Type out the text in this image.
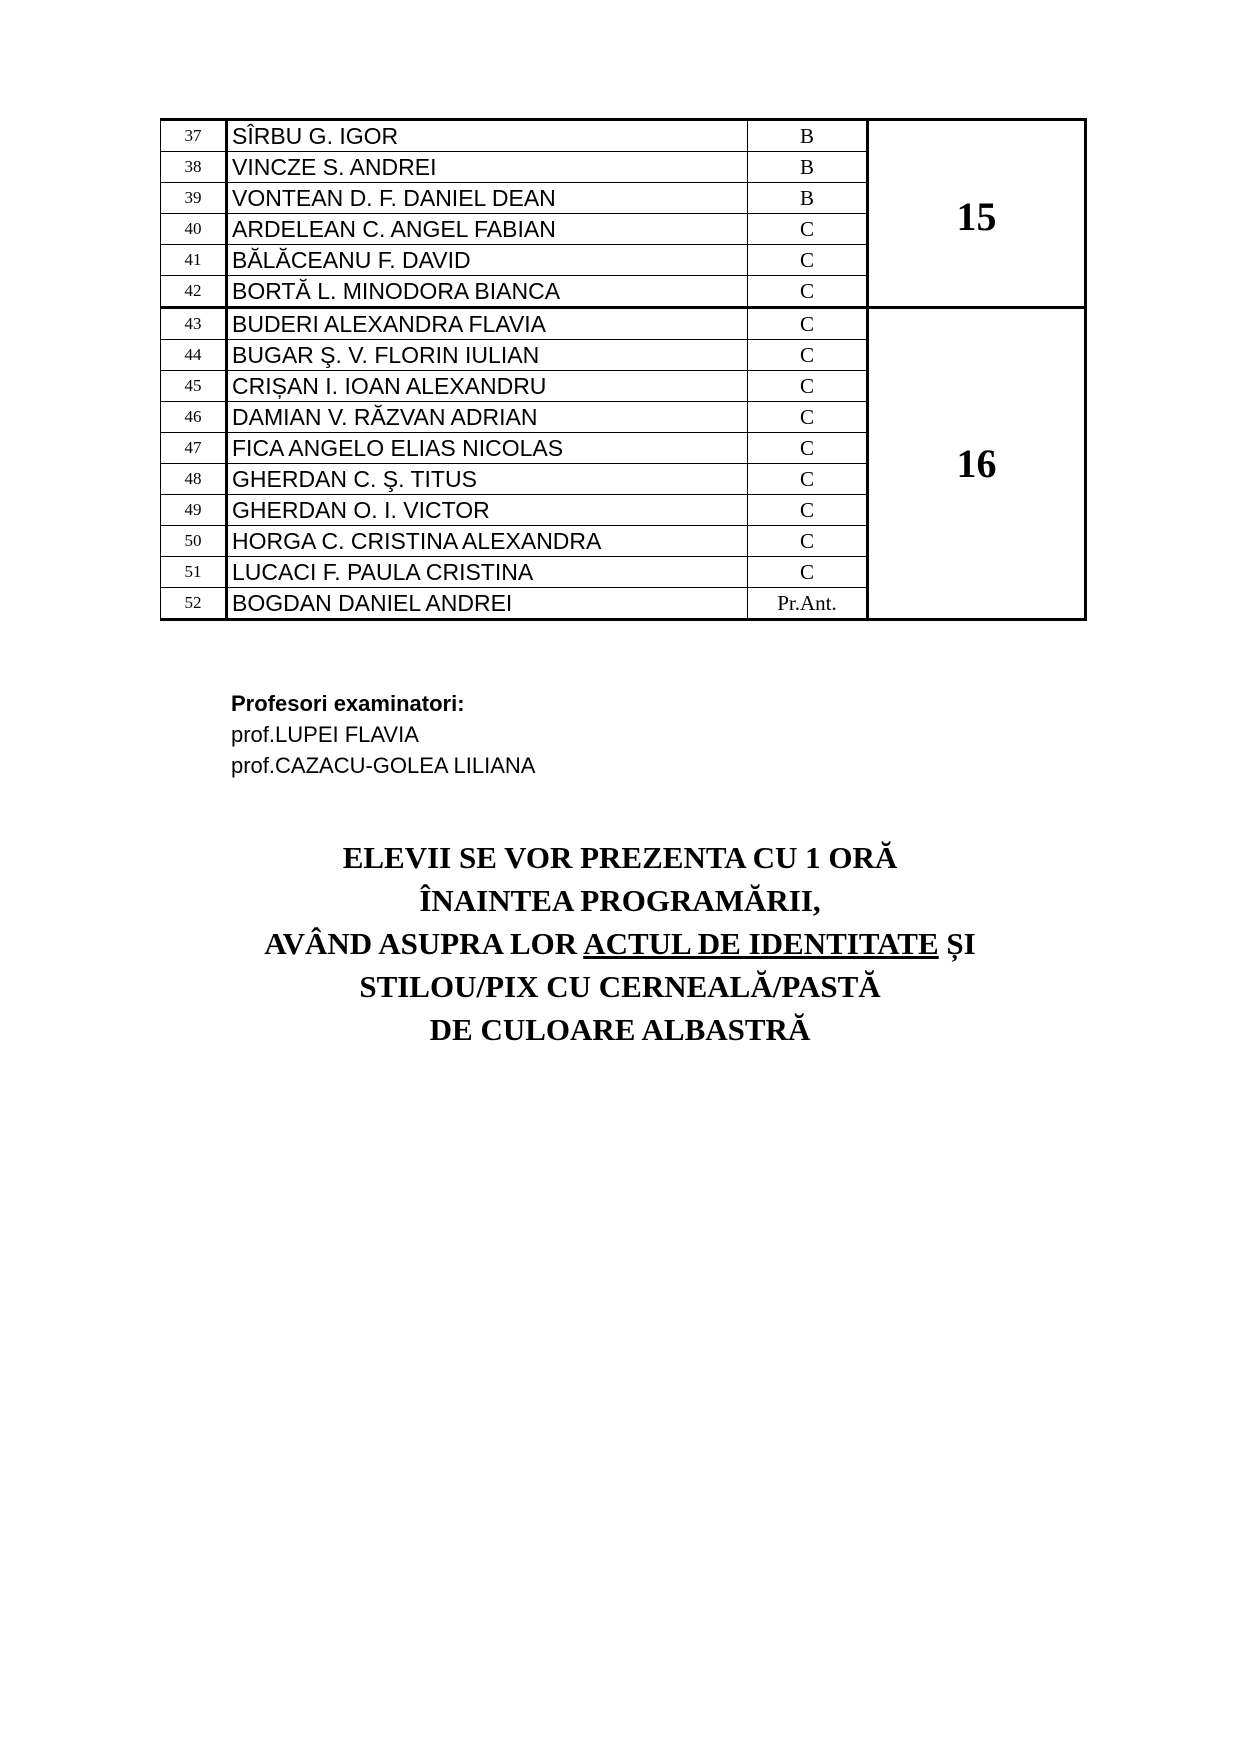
37	SÎRBU G. IGOR	B	15
38	VINCZE S. ANDREI	B	
39	VONTEAN D. F. DANIEL DEAN	B	
40	ARDELEAN C. ANGEL FABIAN	C	
41	BĂLĂCEANU F. DAVID	C	
42	BORTĂ L. MINODORA BIANCA	C	
43	BUDERI ALEXANDRA FLAVIA	C	16
44	BUGAR Ş. V. FLORIN IULIAN	C	
45	CRIȘAN I. IOAN ALEXANDRU	C	
46	DAMIAN V. RĂZVAN ADRIAN	C	
47	FICA ANGELO ELIAS NICOLAS	C	
48	GHERDAN C. Ş. TITUS	C	
49	GHERDAN O. I. VICTOR	C	
50	HORGA C. CRISTINA ALEXANDRA	C	
51	LUCACI F. PAULA CRISTINA	C	
52	BOGDAN DANIEL ANDREI	Pr.Ant.	
Profesori examinatori:
prof.LUPEI FLAVIA
prof.CAZACU-GOLEA LILIANA
ELEVII SE VOR PREZENTA CU 1 ORĂ
ÎNAINTEA PROGRAMĂRII,
AVÂND ASUPRA LOR ACTUL DE IDENTITATE ȘI
STILOU/PIX CU CERNEALĂ/PASTĂ
DE CULOARE ALBASTRĂ
